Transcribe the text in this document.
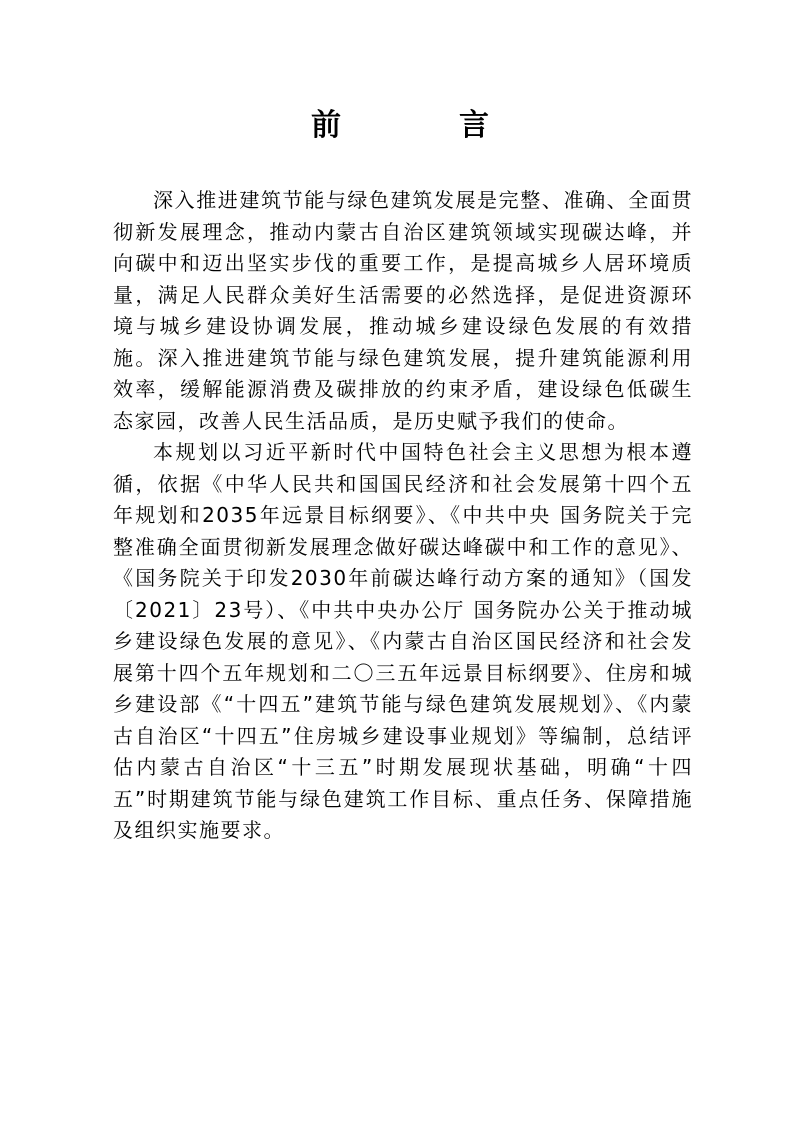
前　言

深入推进建筑节能与绿色建筑发展是完整、准确、全面贯彻新发展理念，推动内蒙古自治区建筑领域实现碳达峰，并向碳中和迈出坚实步伐的重要工作，是提高城乡人居环境质量，满足人民群众美好生活需要的必然选择，是促进资源环境与城乡建设协调发展，推动城乡建设绿色发展的有效措施。深入推进建筑节能与绿色建筑发展，提升建筑能源利用效率，缓解能源消费及碳排放的约束矛盾，建设绿色低碳生态家园，改善人民生活品质，是历史赋予我们的使命。

本规划以习近平新时代中国特色社会主义思想为根本遵循，依据《中华人民共和国国民经济和社会发展第十四个五年规划和2035年远景目标纲要》、《中共中央 国务院关于完整准确全面贯彻新发展理念做好碳达峰碳中和工作的意见》、《国务院关于印发2030年前碳达峰行动方案的通知》（国发〔2021〕23号）、《中共中央办公厅 国务院办公关于推动城乡建设绿色发展的意见》、《内蒙古自治区国民经济和社会发展第十四个五年规划和二〇三五年远景目标纲要》、住房和城乡建设部《“十四五”建筑节能与绿色建筑发展规划》、《内蒙古自治区“十四五”住房城乡建设事业规划》等编制，总结评估内蒙古自治区“十三五”时期发展现状基础，明确“十四五”时期建筑节能与绿色建筑工作目标、重点任务、保障措施及组织实施要求。
